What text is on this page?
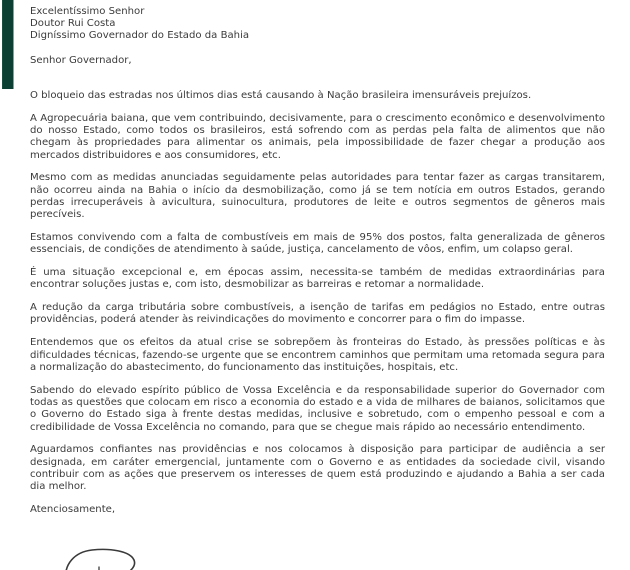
Excelentíssimo Senhor
Doutor Rui Costa
Digníssimo Governador do Estado da Bahia
Senhor Governador,

O bloqueio das estradas nos últimos dias está causando à Nação brasileira imensuráveis prejuízos.

A Agropecuária baiana, que vem contribuindo, decisivamente, para o crescimento econômico e desenvolvimento do nosso Estado, como todos os brasileiros, está sofrendo com as perdas pela falta de alimentos que não chegam às propriedades para alimentar os animais, pela impossibilidade de fazer chegar a produção aos mercados distribuidores e aos consumidores, etc.

Mesmo com as medidas anunciadas seguidamente pelas autoridades para tentar fazer as cargas transitarem, não ocorreu ainda na Bahia o início da desmobilização, como já se tem notícia em outros Estados, gerando perdas irrecuperáveis à avicultura, suinocultura, produtores de leite e outros segmentos de gêneros mais perecíveis.

Estamos convivendo com a falta de combustíveis em mais de 95% dos postos, falta generalizada de gêneros essenciais, de condições de atendimento à saúde, justiça, cancelamento de vôos, enfim, um colapso geral.

É uma situação excepcional e, em épocas assim, necessita-se também de medidas extraordinárias para encontrar soluções justas e, com isto, desmobilizar as barreiras e retomar a normalidade.

A redução da carga tributária sobre combustíveis, a isenção de tarifas em pedágios no Estado, entre outras providências, poderá atender às reivindicações do movimento e concorrer para o fim do impasse.

Entendemos que os efeitos da atual crise se sobrepõem às fronteiras do Estado, às pressões políticas e às dificuldades técnicas, fazendo-se urgente que se encontrem caminhos que permitam uma retomada segura para a normalização do abastecimento, do funcionamento das instituições, hospitais, etc.

Sabendo do elevado espírito público de Vossa Excelência e da responsabilidade superior do Governador com todas as questões que colocam em risco a economia do estado e a vida de milhares de baianos, solicitamos que o Governo do Estado siga à frente destas medidas, inclusive e sobretudo, com o empenho pessoal e com a credibilidade de Vossa Excelência no comando, para que se chegue mais rápido ao necessário entendimento.

Aguardamos confiantes nas providências e nos colocamos à disposição para participar de audiência a ser designada, em caráter emergencial, juntamente com o Governo e as entidades da sociedade civil, visando contribuir com as ações que preservem os interesses de quem está produzindo e ajudando a Bahia a ser cada dia melhor.

Atenciosamente,
